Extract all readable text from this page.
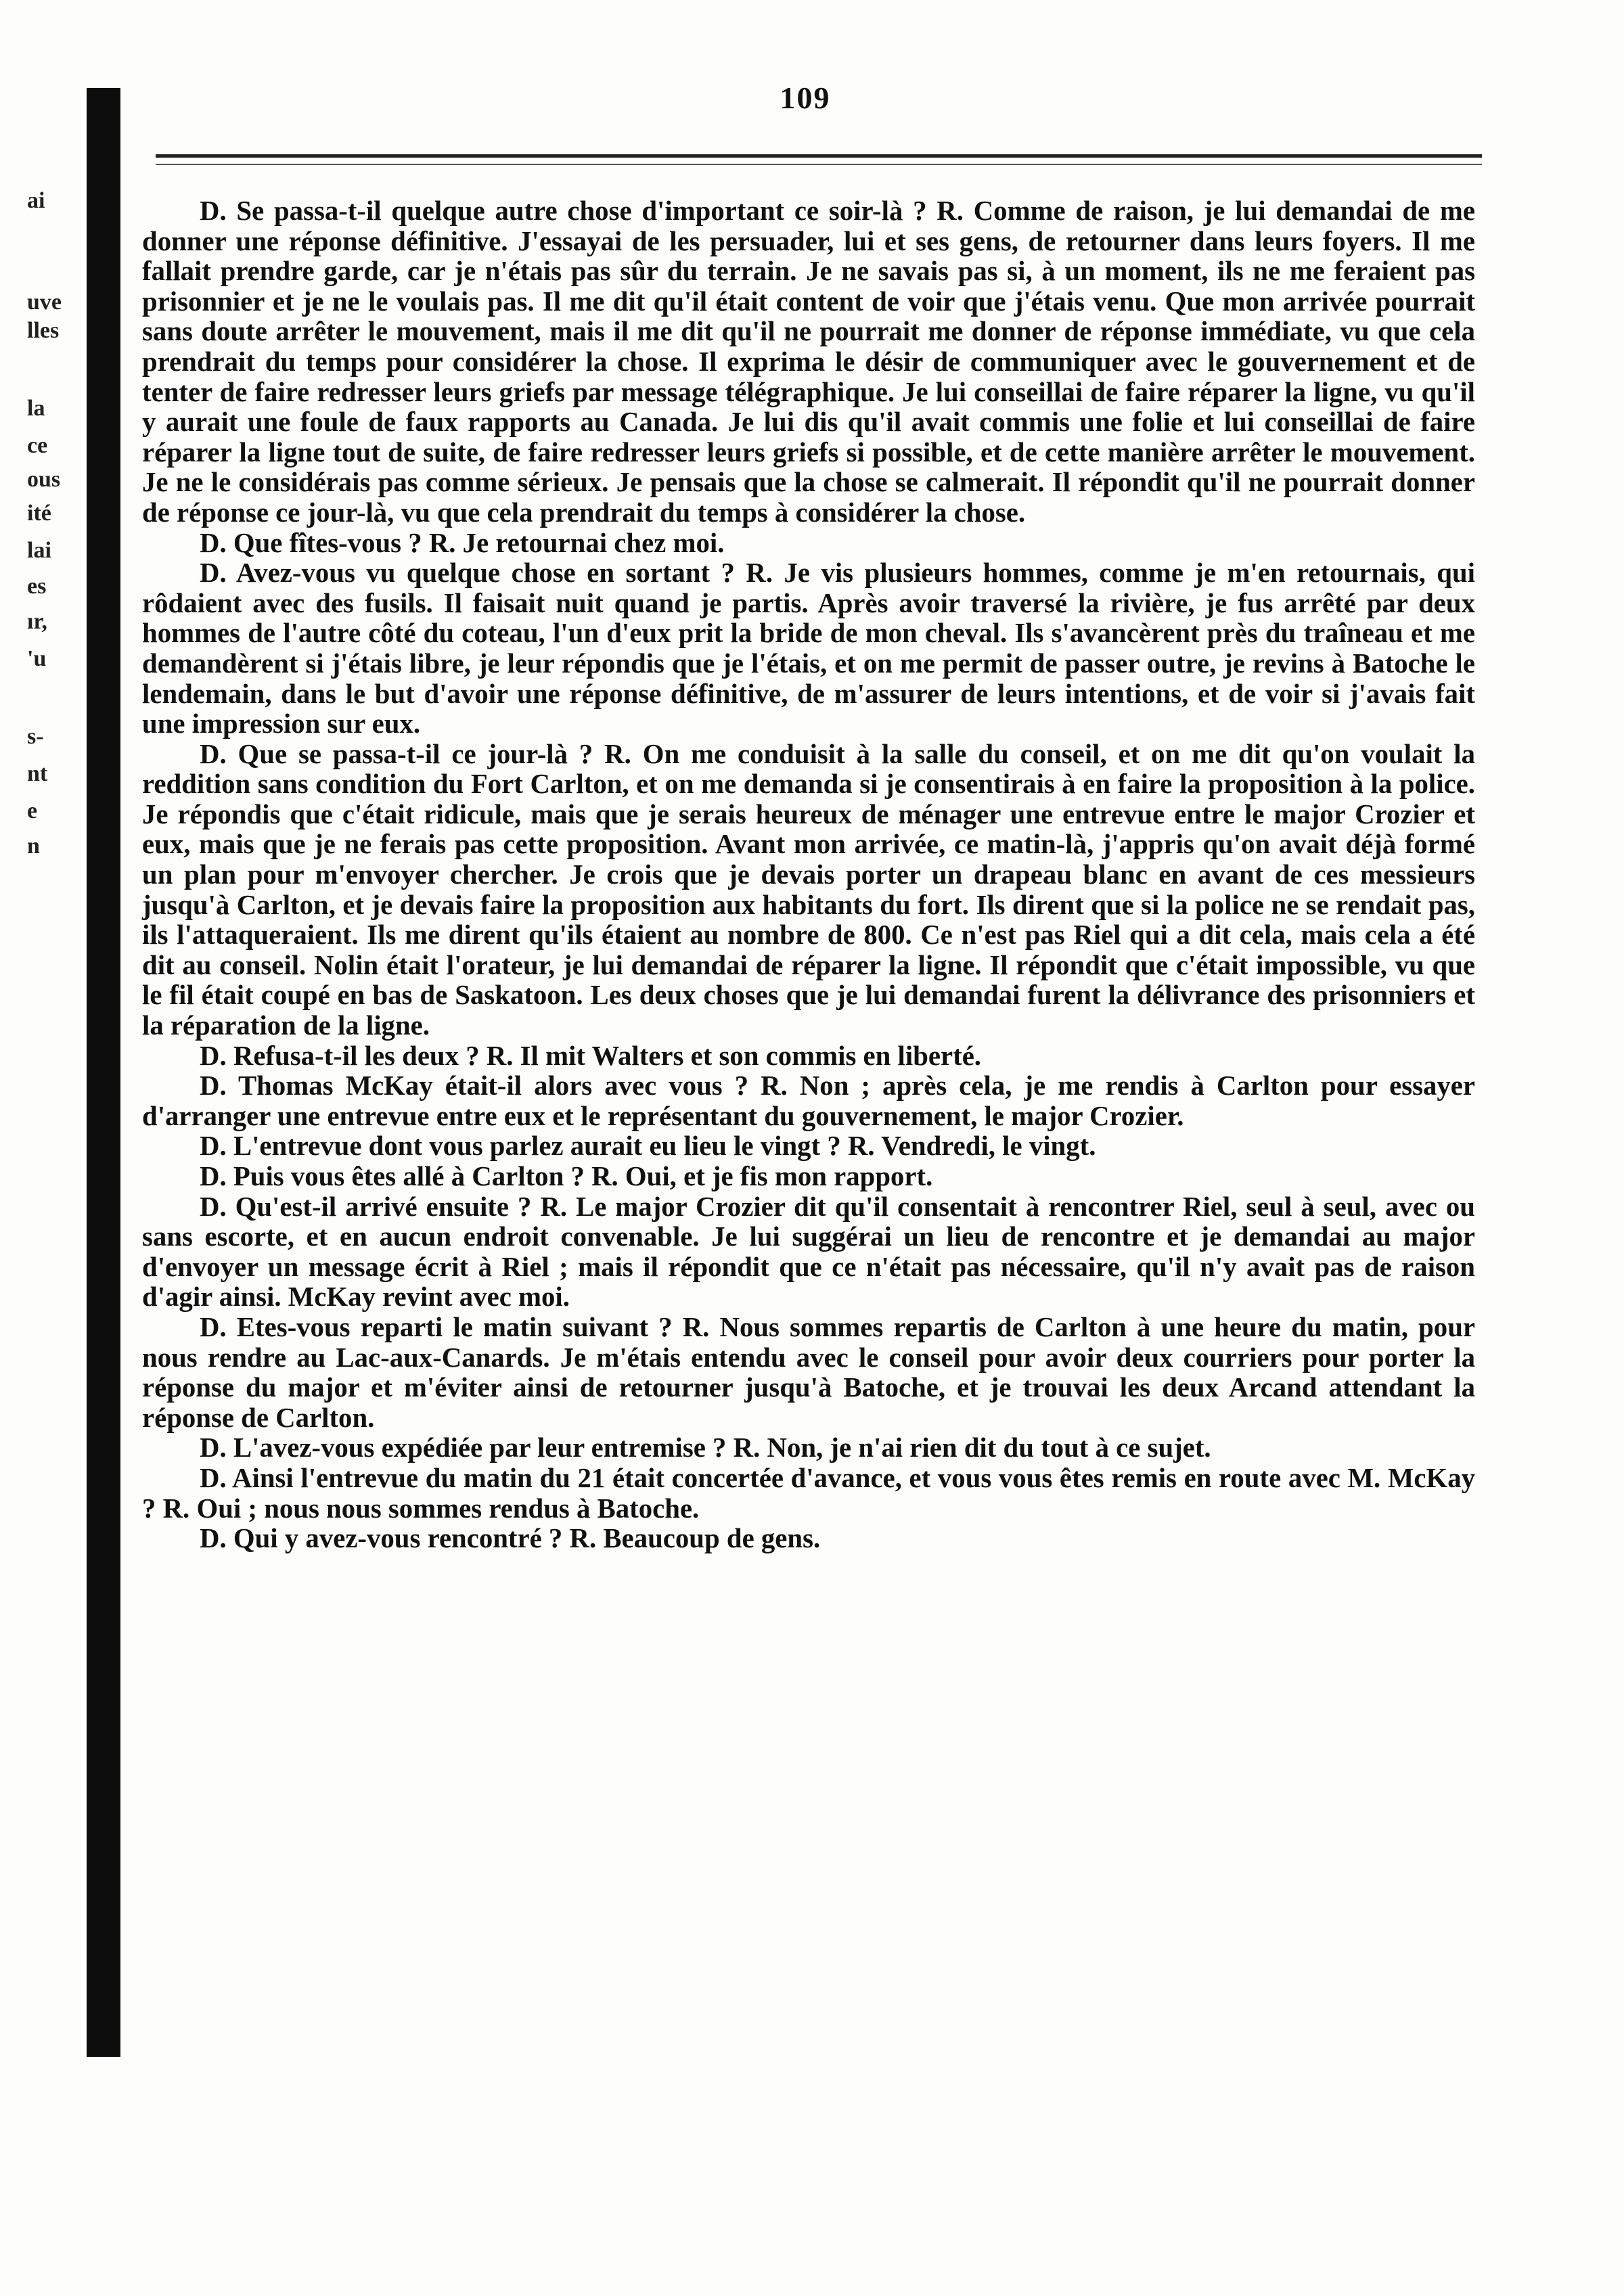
ai
uve
lles
la
ce
ous
ité
lai
es
ır,
'u
s-
nt
e
n
109

D. Se passa-t-il quelque autre chose d'important ce soir-là ? R. Comme de raison, je lui demandai de me donner une réponse définitive. J'essayai de les persuader, lui et ses gens, de retourner dans leurs foyers. Il me fallait prendre garde, car je n'étais pas sûr du terrain. Je ne savais pas si, à un moment, ils ne me feraient pas prisonnier et je ne le voulais pas. Il me dit qu'il était content de voir que j'étais venu. Que mon arrivée pourrait sans doute arrêter le mouvement, mais il me dit qu'il ne pourrait me donner de réponse immédiate, vu que cela prendrait du temps pour considérer la chose. Il exprima le désir de communiquer avec le gouvernement et de tenter de faire redresser leurs griefs par message télégraphique. Je lui conseillai de faire réparer la ligne, vu qu'il y aurait une foule de faux rapports au Canada. Je lui dis qu'il avait commis une folie et lui conseillai de faire réparer la ligne tout de suite, de faire redresser leurs griefs si possible, et de cette manière arrêter le mouvement. Je ne le considérais pas comme sérieux. Je pensais que la chose se calmerait. Il répondit qu'il ne pourrait donner de réponse ce jour-là, vu que cela prendrait du temps à considérer la chose.

D. Que fîtes-vous ? R. Je retournai chez moi.

D. Avez-vous vu quelque chose en sortant ? R. Je vis plusieurs hommes, comme je m'en retournais, qui rôdaient avec des fusils. Il faisait nuit quand je partis. Après avoir traversé la rivière, je fus arrêté par deux hommes de l'autre côté du coteau, l'un d'eux prit la bride de mon cheval. Ils s'avancèrent près du traîneau et me demandèrent si j'étais libre, je leur répondis que je l'étais, et on me permit de passer outre, je revins à Batoche le lendemain, dans le but d'avoir une réponse définitive, de m'assurer de leurs intentions, et de voir si j'avais fait une impression sur eux.

D. Que se passa-t-il ce jour-là ? R. On me conduisit à la salle du conseil, et on me dit qu'on voulait la reddition sans condition du Fort Carlton, et on me demanda si je consentirais à en faire la proposition à la police. Je répondis que c'était ridicule, mais que je serais heureux de ménager une entrevue entre le major Crozier et eux, mais que je ne ferais pas cette proposition. Avant mon arrivée, ce matin-là, j'appris qu'on avait déjà formé un plan pour m'envoyer chercher. Je crois que je devais porter un drapeau blanc en avant de ces messieurs jusqu'à Carlton, et je devais faire la proposition aux habitants du fort. Ils dirent que si la police ne se rendait pas, ils l'attaqueraient. Ils me dirent qu'ils étaient au nombre de 800. Ce n'est pas Riel qui a dit cela, mais cela a été dit au conseil. Nolin était l'orateur, je lui demandai de réparer la ligne. Il répondit que c'était impossible, vu que le fil était coupé en bas de Saskatoon. Les deux choses que je lui demandai furent la délivrance des prisonniers et la réparation de la ligne.

D. Refusa-t-il les deux ? R. Il mit Walters et son commis en liberté.

D. Thomas McKay était-il alors avec vous ? R. Non ; après cela, je me rendis à Carlton pour essayer d'arranger une entrevue entre eux et le représentant du gouvernement, le major Crozier.

D. L'entrevue dont vous parlez aurait eu lieu le vingt ? R. Vendredi, le vingt.

D. Puis vous êtes allé à Carlton ? R. Oui, et je fis mon rapport.

D. Qu'est-il arrivé ensuite ? R. Le major Crozier dit qu'il consentait à rencontrer Riel, seul à seul, avec ou sans escorte, et en aucun endroit convenable. Je lui suggérai un lieu de rencontre et je demandai au major d'envoyer un message écrit à Riel ; mais il répondit que ce n'était pas nécessaire, qu'il n'y avait pas de raison d'agir ainsi. McKay revint avec moi.

D. Etes-vous reparti le matin suivant ? R. Nous sommes repartis de Carlton à une heure du matin, pour nous rendre au Lac-aux-Canards. Je m'étais entendu avec le conseil pour avoir deux courriers pour porter la réponse du major et m'éviter ainsi de retourner jusqu'à Batoche, et je trouvai les deux Arcand attendant la réponse de Carlton.

D. L'avez-vous expédiée par leur entremise ? R. Non, je n'ai rien dit du tout à ce sujet.

D. Ainsi l'entrevue du matin du 21 était concertée d'avance, et vous vous êtes remis en route avec M. McKay ? R. Oui ; nous nous sommes rendus à Batoche.

D. Qui y avez-vous rencontré ? R. Beaucoup de gens.
